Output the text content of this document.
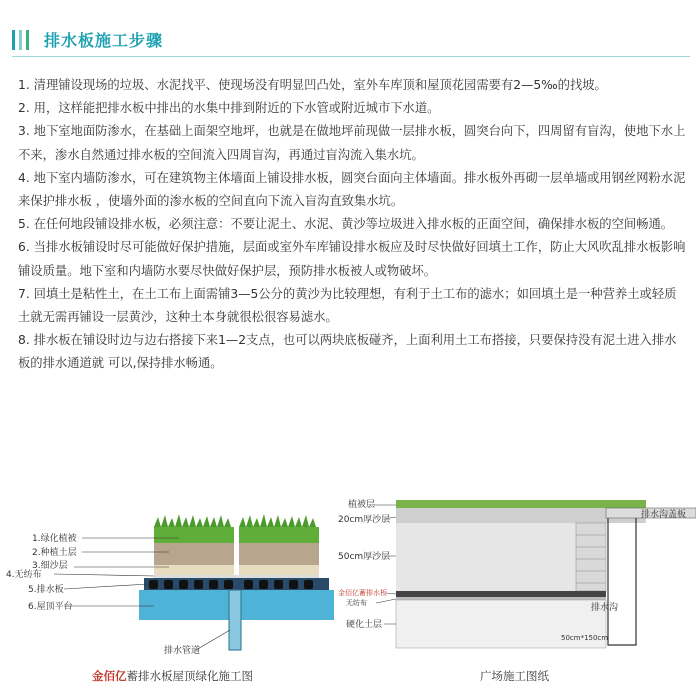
排水板施工步骤

1. 清理铺设现场的垃圾、水泥找平、使现场没有明显凹凸处，室外车库顶和屋顶花园需要有2—5‰的找坡。

2. 用，这样能把排水板中排出的水集中排到附近的下水管或附近城市下水道。

3. 地下室地面防渗水，在基础上面架空地坪，也就是在做地坪前现做一层排水板，圆突台向下，四周留有盲沟，使地下水上不来，渗水自然通过排水板的空间流入四周盲沟，再通过盲沟流入集水坑。

4. 地下室内墙防渗水，可在建筑物主体墙面上铺设排水板，圆突台面向主体墙面。排水板外再砌一层单墙或用钢丝网粉水泥来保护排水板 ，使墙外面的渗水板的空间直向下流入盲沟直致集水坑。

5. 在任何地段铺设排水板，必须注意：不要让泥土、水泥、黄沙等垃圾进入排水板的正面空间，确保排水板的空间畅通。

6. 当排水板铺设时尽可能做好保护措施，层面或室外车库铺设排水板应及时尽快做好回填土工作，防止大风吹乱排水板影响铺设质量。地下室和内墙防水要尽快做好保护层，预防排水板被人或物破坏。

7. 回填土是粘性土，在土工布上面需铺3—5公分的黄沙为比较理想，有利于土工布的滤水；如回填土是一种营养土或轻质土就无需再铺设一层黄沙，这种土本身就很松很容易滤水。

8. 排水板在铺设时边与边右搭接下来1—2支点，也可以两块底板碰齐，上面利用土工布搭接，只要保持没有泥土进入排水板的排水通道就 可以,保持排水畅通。

排水管道
1.绿化植被
2.种植土层
3.细沙层
4.无纺布
5.排水板
6.屋顶平台
金佰亿蓄排水板屋顶绿化施工图
排水沟
50cm*150cm
排水沟盖板
植被层
20cm厚沙层
50cm厚沙层
金佰亿蓄排水板
无纺布
硬化土层
广场施工图纸
